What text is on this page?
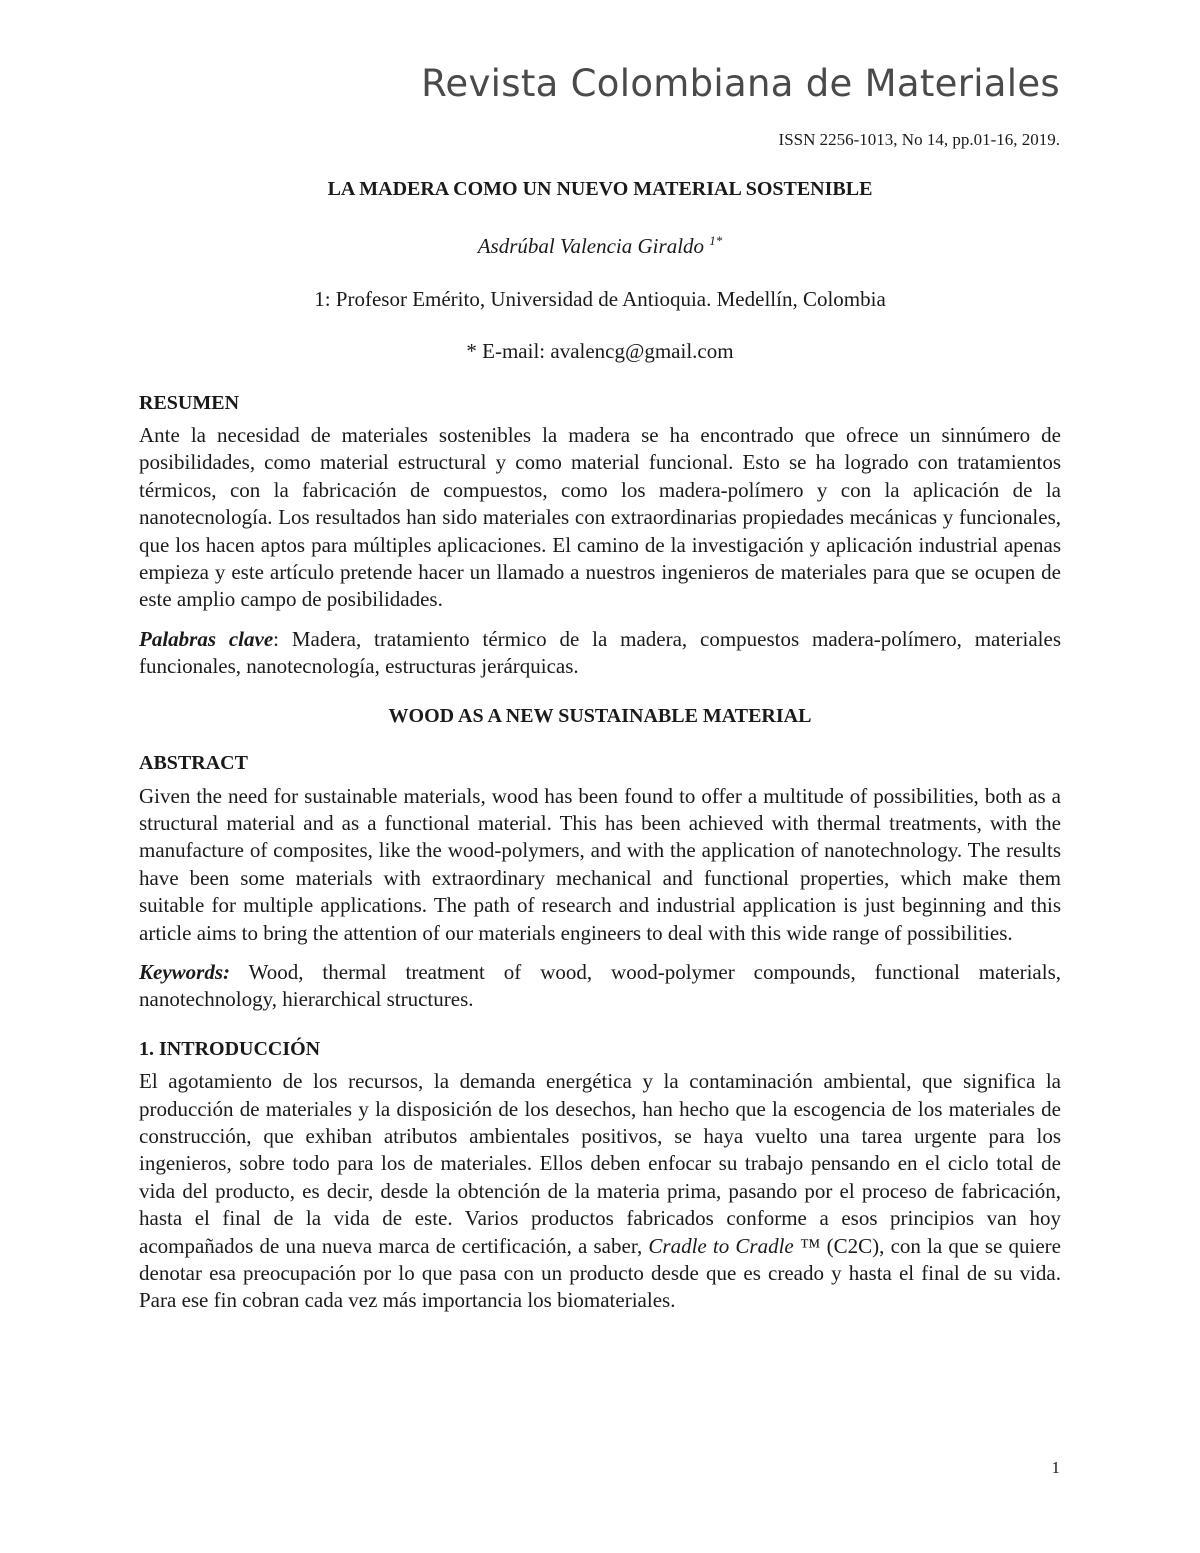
Revista Colombiana de Materiales
ISSN 2256-1013, No 14, pp.01-16, 2019.

LA MADERA COMO UN NUEVO MATERIAL SOSTENIBLE

Asdrúbal Valencia Giraldo $^{1*}$

1: Profesor Emérito, Universidad de Antioquia. Medellín, Colombia

* E-mail: avalencg@gmail.com

RESUMEN

Ante la necesidad de materiales sostenibles la madera se ha encontrado que ofrece un sinnúmero de posibilidades, como material estructural y como material funcional. Esto se ha logrado con tratamientos térmicos, con la fabricación de compuestos, como los madera-polímero y con la aplicación de la nanotecnología. Los resultados han sido materiales con extraordinarias propiedades mecánicas y funcionales, que los hacen aptos para múltiples aplicaciones. El camino de la investigación y aplicación industrial apenas empieza y este artículo pretende hacer un llamado a nuestros ingenieros de materiales para que se ocupen de este amplio campo de posibilidades.

Palabras clave: Madera, tratamiento térmico de la madera, compuestos madera-polímero, materiales funcionales, nanotecnología, estructuras jerárquicas.

WOOD AS A NEW SUSTAINABLE MATERIAL

ABSTRACT

Given the need for sustainable materials, wood has been found to offer a multitude of possibilities, both as a structural material and as a functional material. This has been achieved with thermal treatments, with the manufacture of composites, like the wood-polymers, and with the application of nanotechnology. The results have been some materials with extraordinary mechanical and functional properties, which make them suitable for multiple applications. The path of research and industrial application is just beginning and this article aims to bring the attention of our materials engineers to deal with this wide range of possibilities.

Keywords: Wood, thermal treatment of wood, wood-polymer compounds, functional materials, nanotechnology, hierarchical structures.

1. INTRODUCCIÓN

El agotamiento de los recursos, la demanda energética y la contaminación ambiental, que significa la producción de materiales y la disposición de los desechos, han hecho que la escogencia de los materiales de construcción, que exhiban atributos ambientales positivos, se haya vuelto una tarea urgente para los ingenieros, sobre todo para los de materiales. Ellos deben enfocar su trabajo pensando en el ciclo total de vida del producto, es decir, desde la obtención de la materia prima, pasando por el proceso de fabricación, hasta el final de la vida de este. Varios productos fabricados conforme a esos principios van hoy acompañados de una nueva marca de certificación, a saber, Cradle to Cradle ™ (C2C), con la que se quiere denotar esa preocupación por lo que pasa con un producto desde que es creado y hasta el final de su vida. Para ese fin cobran cada vez más importancia los biomateriales.

1
